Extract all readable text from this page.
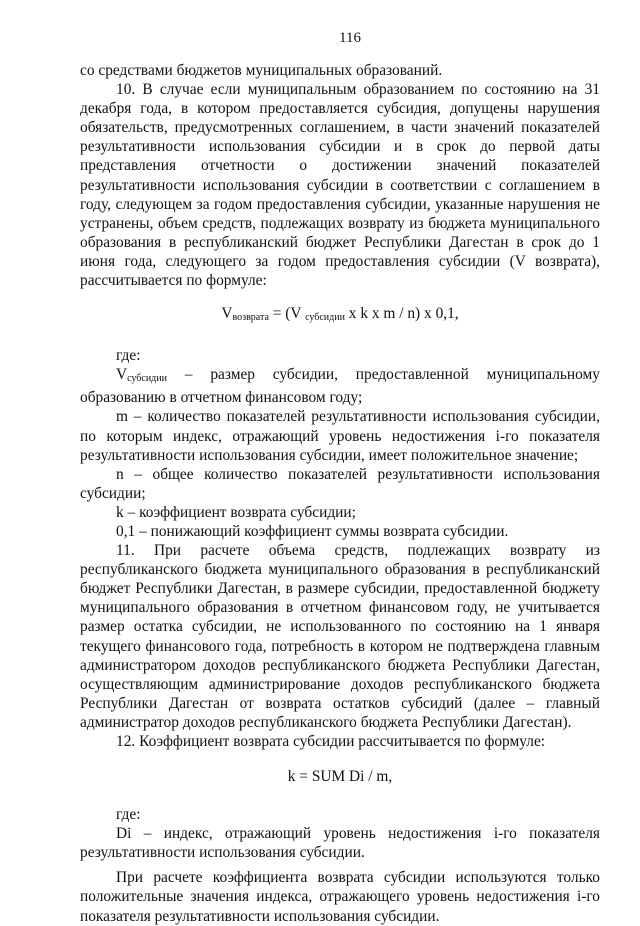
116

со средствами бюджетов муниципальных образований.

10. В случае если муниципальным образованием по состоянию на 31 декабря года, в котором предоставляется субсидия, допущены нарушения обязательств, предусмотренных соглашением, в части значений показателей результативности использования субсидии и в срок до первой даты представления отчетности о достижении значений показателей результативности использования субсидии в соответствии с соглашением в году, следующем за годом предоставления субсидии, указанные нарушения не устранены, объем средств, подлежащих возврату из бюджета муниципального образования в республиканский бюджет Республики Дагестан в срок до 1 июня года, следующего за годом предоставления субсидии (V возврата), рассчитывается по формуле:

$V_{возврата} = (V$ $_{субсидии}$ x k x m / n) x 0,1,

где:

$V_{субсидии}$ – размер субсидии, предоставленной муниципальному образованию в отчетном финансовом году;

m – количество показателей результативности использования субсидии, по которым индекс, отражающий уровень недостижения i-го показателя результативности использования субсидии, имеет положительное значение;

n – общее количество показателей результативности использования субсидии;

k – коэффициент возврата субсидии;

0,1 – понижающий коэффициент суммы возврата субсидии.

11. При расчете объема средств, подлежащих возврату из республиканского бюджета муниципального образования в республиканский бюджет Республики Дагестан, в размере субсидии, предоставленной бюджету муниципального образования в отчетном финансовом году, не учитывается размер остатка субсидии, не использованного по состоянию на 1 января текущего финансового года, потребность в котором не подтверждена главным администратором доходов республиканского бюджета Республики Дагестан, осуществляющим администрирование доходов республиканского бюджета Республики Дагестан от возврата остатков субсидий (далее – главный администратор доходов республиканского бюджета Республики Дагестан).

12. Коэффициент возврата субсидии рассчитывается по формуле:

k = SUM Di / m,

где:

Di – индекс, отражающий уровень недостижения i-го показателя результативности использования субсидии.

При расчете коэффициента возврата субсидии используются только положительные значения индекса, отражающего уровень недостижения i-го показателя результативности использования субсидии.
